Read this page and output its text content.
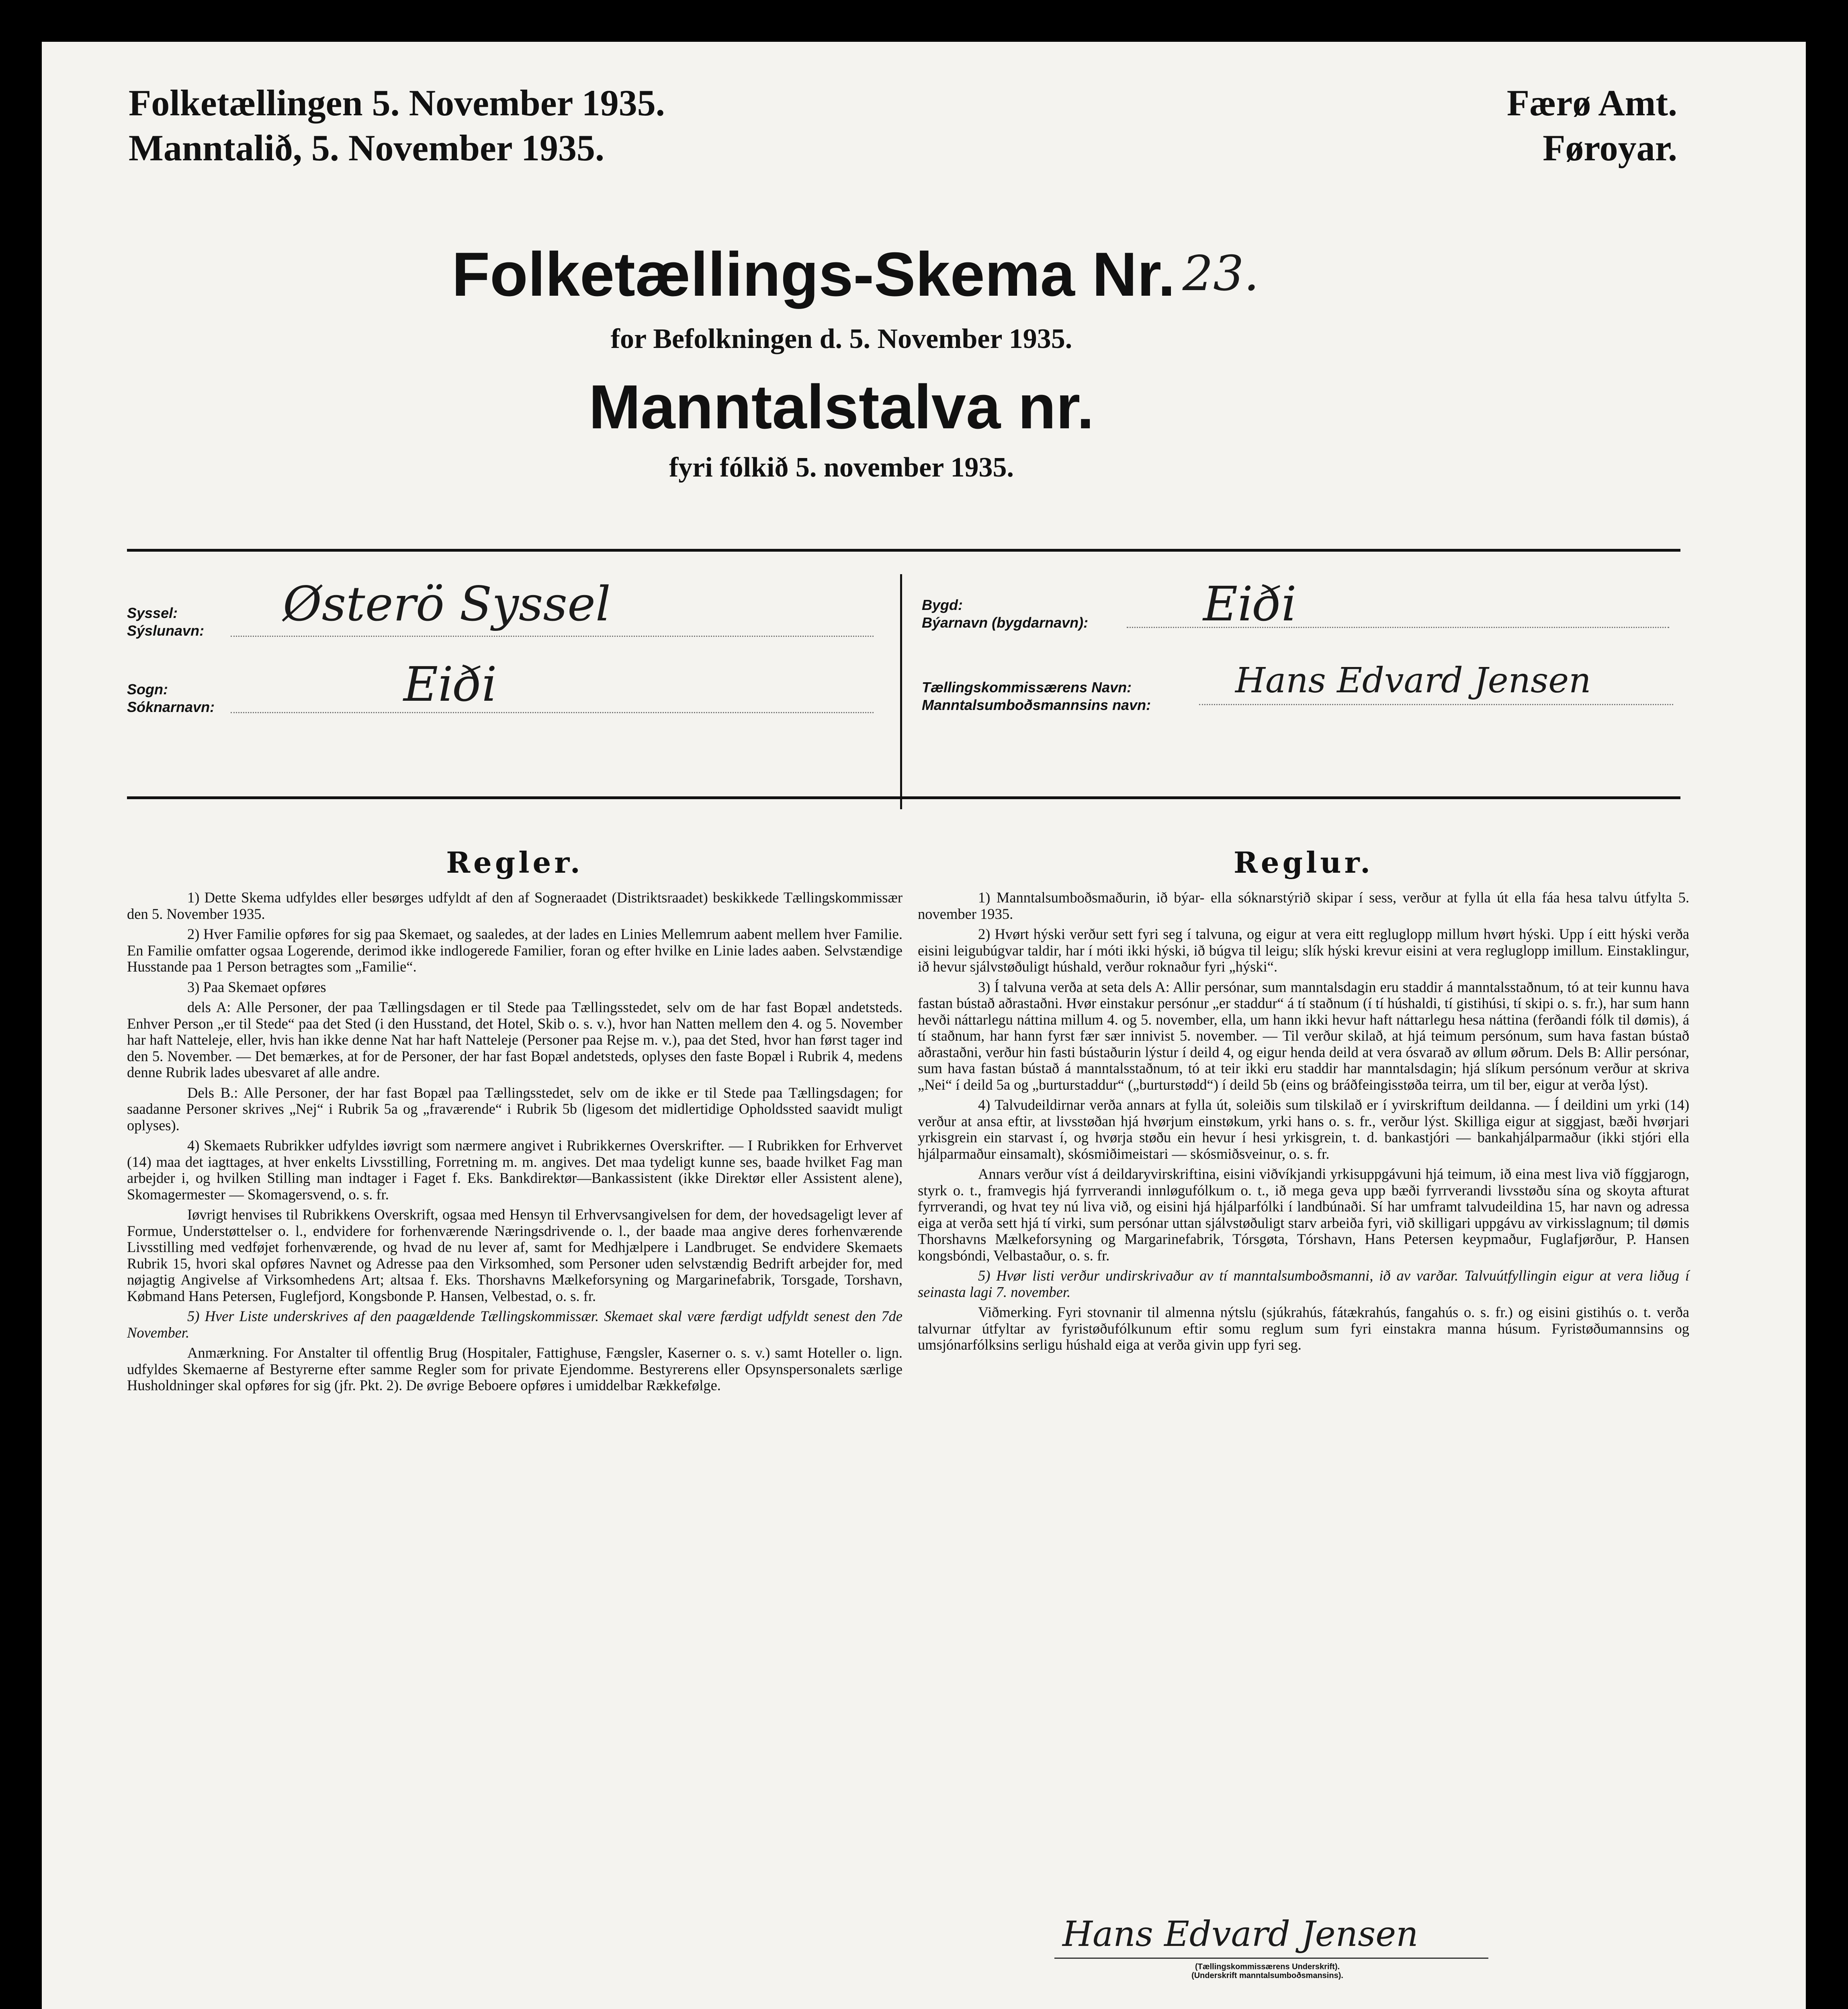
Folketællingen 5. November 1935.
Manntalið, 5. November 1935.
Færø Amt.
Føroyar.
Folketællings-Skema Nr. 23.
for Befolkningen d. 5. November 1935.
Manntalstalva nr.
fyri fólkið 5. november 1935.
Syssel:
Sýslunavn: Østerö Syssel
Sogn:
Sóknarnavn:	Eiði
Bygd:
Býarnavn (bygdarnavn): Eiði
Tællingskommissærens Navn:
Manntalsumboðsmannsins navn:
Hans Edvard Jensen
Regler.

1) Dette Skema udfyldes eller besørges udfyldt af den af Sogneraadet (Distriktsraadet) beskikkede Tællingskommissær den 5. November 1935.

2) Hver Familie opføres for sig paa Skemaet, og saaledes, at der lades en Linies Mellemrum aabent mellem hver Familie. En Familie omfatter ogsaa Logerende, derimod ikke indlogerede Familier, foran og efter hvilke en Linie lades aaben. Selvstændige Husstande paa 1 Person betragtes som „Familie“.

3) Paa Skemaet opføres

dels A: Alle Personer, der paa Tællingsdagen er til Stede paa Tællingsstedet, selv om de har fast Bopæl andetsteds. Enhver Person „er til Stede“ paa det Sted (i den Husstand, det Hotel, Skib o. s. v.), hvor han Natten mellem den 4. og 5. November har haft Natteleje, eller, hvis han ikke denne Nat har haft Natteleje (Personer paa Rejse m. v.), paa det Sted, hvor han først tager ind den 5. November. — Det bemærkes, at for de Personer, der har fast Bopæl andetsteds, oplyses den faste Bopæl i Rubrik 4, medens denne Rubrik lades ubesvaret af alle andre.

Dels B.: Alle Personer, der har fast Bopæl paa Tællingsstedet, selv om de ikke er til Stede paa Tællingsdagen; for saadanne Personer skrives „Nej“ i Rubrik 5a og „fraværende“ i Rubrik 5b (ligesom det midlertidige Opholdssted saavidt muligt oplyses).

4) Skemaets Rubrikker udfyldes iøvrigt som nærmere angivet i Rubrikkernes Overskrifter. — I Rubrikken for Erhvervet (14) maa det iagttages, at hver enkelts Livsstilling, Forretning m. m. angives. Det maa tydeligt kunne ses, baade hvilket Fag man arbejder i, og hvilken Stilling man indtager i Faget f. Eks. Bankdirektør—Bankassistent (ikke Direktør eller Assistent alene), Skomagermester — Skomagersvend, o. s. fr.

Iøvrigt henvises til Rubrikkens Overskrift, ogsaa med Hensyn til Erhvervsangivelsen for dem, der hovedsageligt lever af Formue, Understøttelser o. l., endvidere for forhenværende Næringsdrivende o. l., der baade maa angive deres forhenværende Livsstilling med vedføjet forhenværende, og hvad de nu lever af, samt for Medhjælpere i Landbruget. Se endvidere Skemaets Rubrik 15, hvori skal opføres Navnet og Adresse paa den Virksomhed, som Personer uden selvstændig Bedrift arbejder for, med nøjagtig Angivelse af Virksomhedens Art; altsaa f. Eks. Thorshavns Mælkeforsyning og Margarinefabrik, Torsgade, Torshavn, Købmand Hans Petersen, Fuglefjord, Kongsbonde P. Hansen, Velbestad, o. s. fr.

5) Hver Liste underskrives af den paagældende Tællingskommissær. Skemaet skal være færdigt udfyldt senest den 7de November.

Anmærkning. For Anstalter til offentlig Brug (Hospitaler, Fattighuse, Fængsler, Kaserner o. s. v.) samt Hoteller o. lign. udfyldes Skemaerne af Bestyrerne efter samme Regler som for private Ejendomme. Bestyrerens eller Opsynspersonalets særlige Husholdninger skal opføres for sig (jfr. Pkt. 2). De øvrige Beboere opføres i umiddelbar Rækkefølge.

Reglur.

1) Manntalsumboðsmaðurin, ið býar- ella sóknarstýrið skipar í sess, verður at fylla út ella fáa hesa talvu útfylta 5. november 1935.

2) Hvørt hýski verður sett fyri seg í talvuna, og eigur at vera eitt regluglopp millum hvørt hýski. Upp í eitt hýski verða eisini leigubúgvar taldir, har í móti ikki hýski, ið búgva til leigu; slík hýski krevur eisini at vera regluglopp imillum. Einstaklingur, ið hevur sjálvstøðuligt húshald, verður roknaður fyri „hýski“.

3) Í talvuna verða at seta dels A: Allir persónar, sum manntalsdagin eru staddir á manntalsstaðnum, tó at teir kunnu hava fastan bústað aðrastaðni. Hvør einstakur persónur „er staddur“ á tí staðnum (í tí húshaldi, tí gistihúsi, tí skipi o. s. fr.), har sum hann hevði náttarlegu náttina millum 4. og 5. november, ella, um hann ikki hevur haft náttarlegu hesa náttina (ferðandi fólk til dømis), á tí staðnum, har hann fyrst fær sær innivist 5. november. — Til verður skilað, at hjá teimum persónum, sum hava fastan bústað aðrastaðni, verður hin fasti bústaðurin lýstur í deild 4, og eigur henda deild at vera ósvarað av øllum øðrum. Dels B: Allir persónar, sum hava fastan bústað á manntalsstaðnum, tó at teir ikki eru staddir har manntalsdagin; hjá slíkum persónum verður at skriva „Nei“ í deild 5a og „burturstaddur“ („burturstødd“) í deild 5b (eins og bráðfeingisstøða teirra, um til ber, eigur at verða lýst).

4) Talvudeildirnar verða annars at fylla út, soleiðis sum tilskilað er í yvirskriftum deildanna. — Í deildini um yrki (14) verður at ansa eftir, at livsstøðan hjá hvørjum einstøkum, yrki hans o. s. fr., verður lýst. Skilliga eigur at siggjast, bæði hvørjari yrkisgrein ein starvast í, og hvørja støðu ein hevur í hesi yrkisgrein, t. d. bankastjóri — bankahjálparmaður (ikki stjóri ella hjálparmaður einsamalt), skósmiðimeistari — skósmiðsveinur, o. s. fr.

Annars verður víst á deildaryvirskriftina, eisini viðvíkjandi yrkisuppgávuni hjá teimum, ið eina mest liva við fíggjarogn, styrk o. t., framvegis hjá fyrrverandi innløgufólkum o. t., ið mega geva upp bæði fyrrverandi livsstøðu sína og skoyta afturat fyrrverandi, og hvat tey nú liva við, og eisini hjá hjálparfólki í landbúnaði. Sí har umframt talvudeildina 15, har navn og adressa eiga at verða sett hjá tí virki, sum persónar uttan sjálvstøðuligt starv arbeiða fyri, við skilligari uppgávu av virkisslagnum; til dømis Thorshavns Mælkeforsyning og Margarinefabrik, Tórsgøta, Tórshavn, Hans Petersen keypmaður, Fuglafjørður, P. Hansen kongsbóndi, Velbastaður, o. s. fr.

5) Hvør listi verður undirskrivaður av tí manntalsumboðsmanni, ið av varðar. Talvuútfyllingin eigur at vera liðug í seinasta lagi 7. november.

Viðmerking. Fyri stovnanir til almenna nýtslu (sjúkrahús, fátækrahús, fangahús o. s. fr.) og eisini gistihús o. t. verða talvurnar útfyltar av fyristøðufólkunum eftir somu reglum sum fyri einstakra manna húsum. Fyristøðumannsins og umsjónarfólksins serligu húshald eiga at verða givin upp fyri seg.

Hans Edvard Jensen
(Tællingskommissærens Underskrift).
(Underskrift manntalsumboðsmansins).
